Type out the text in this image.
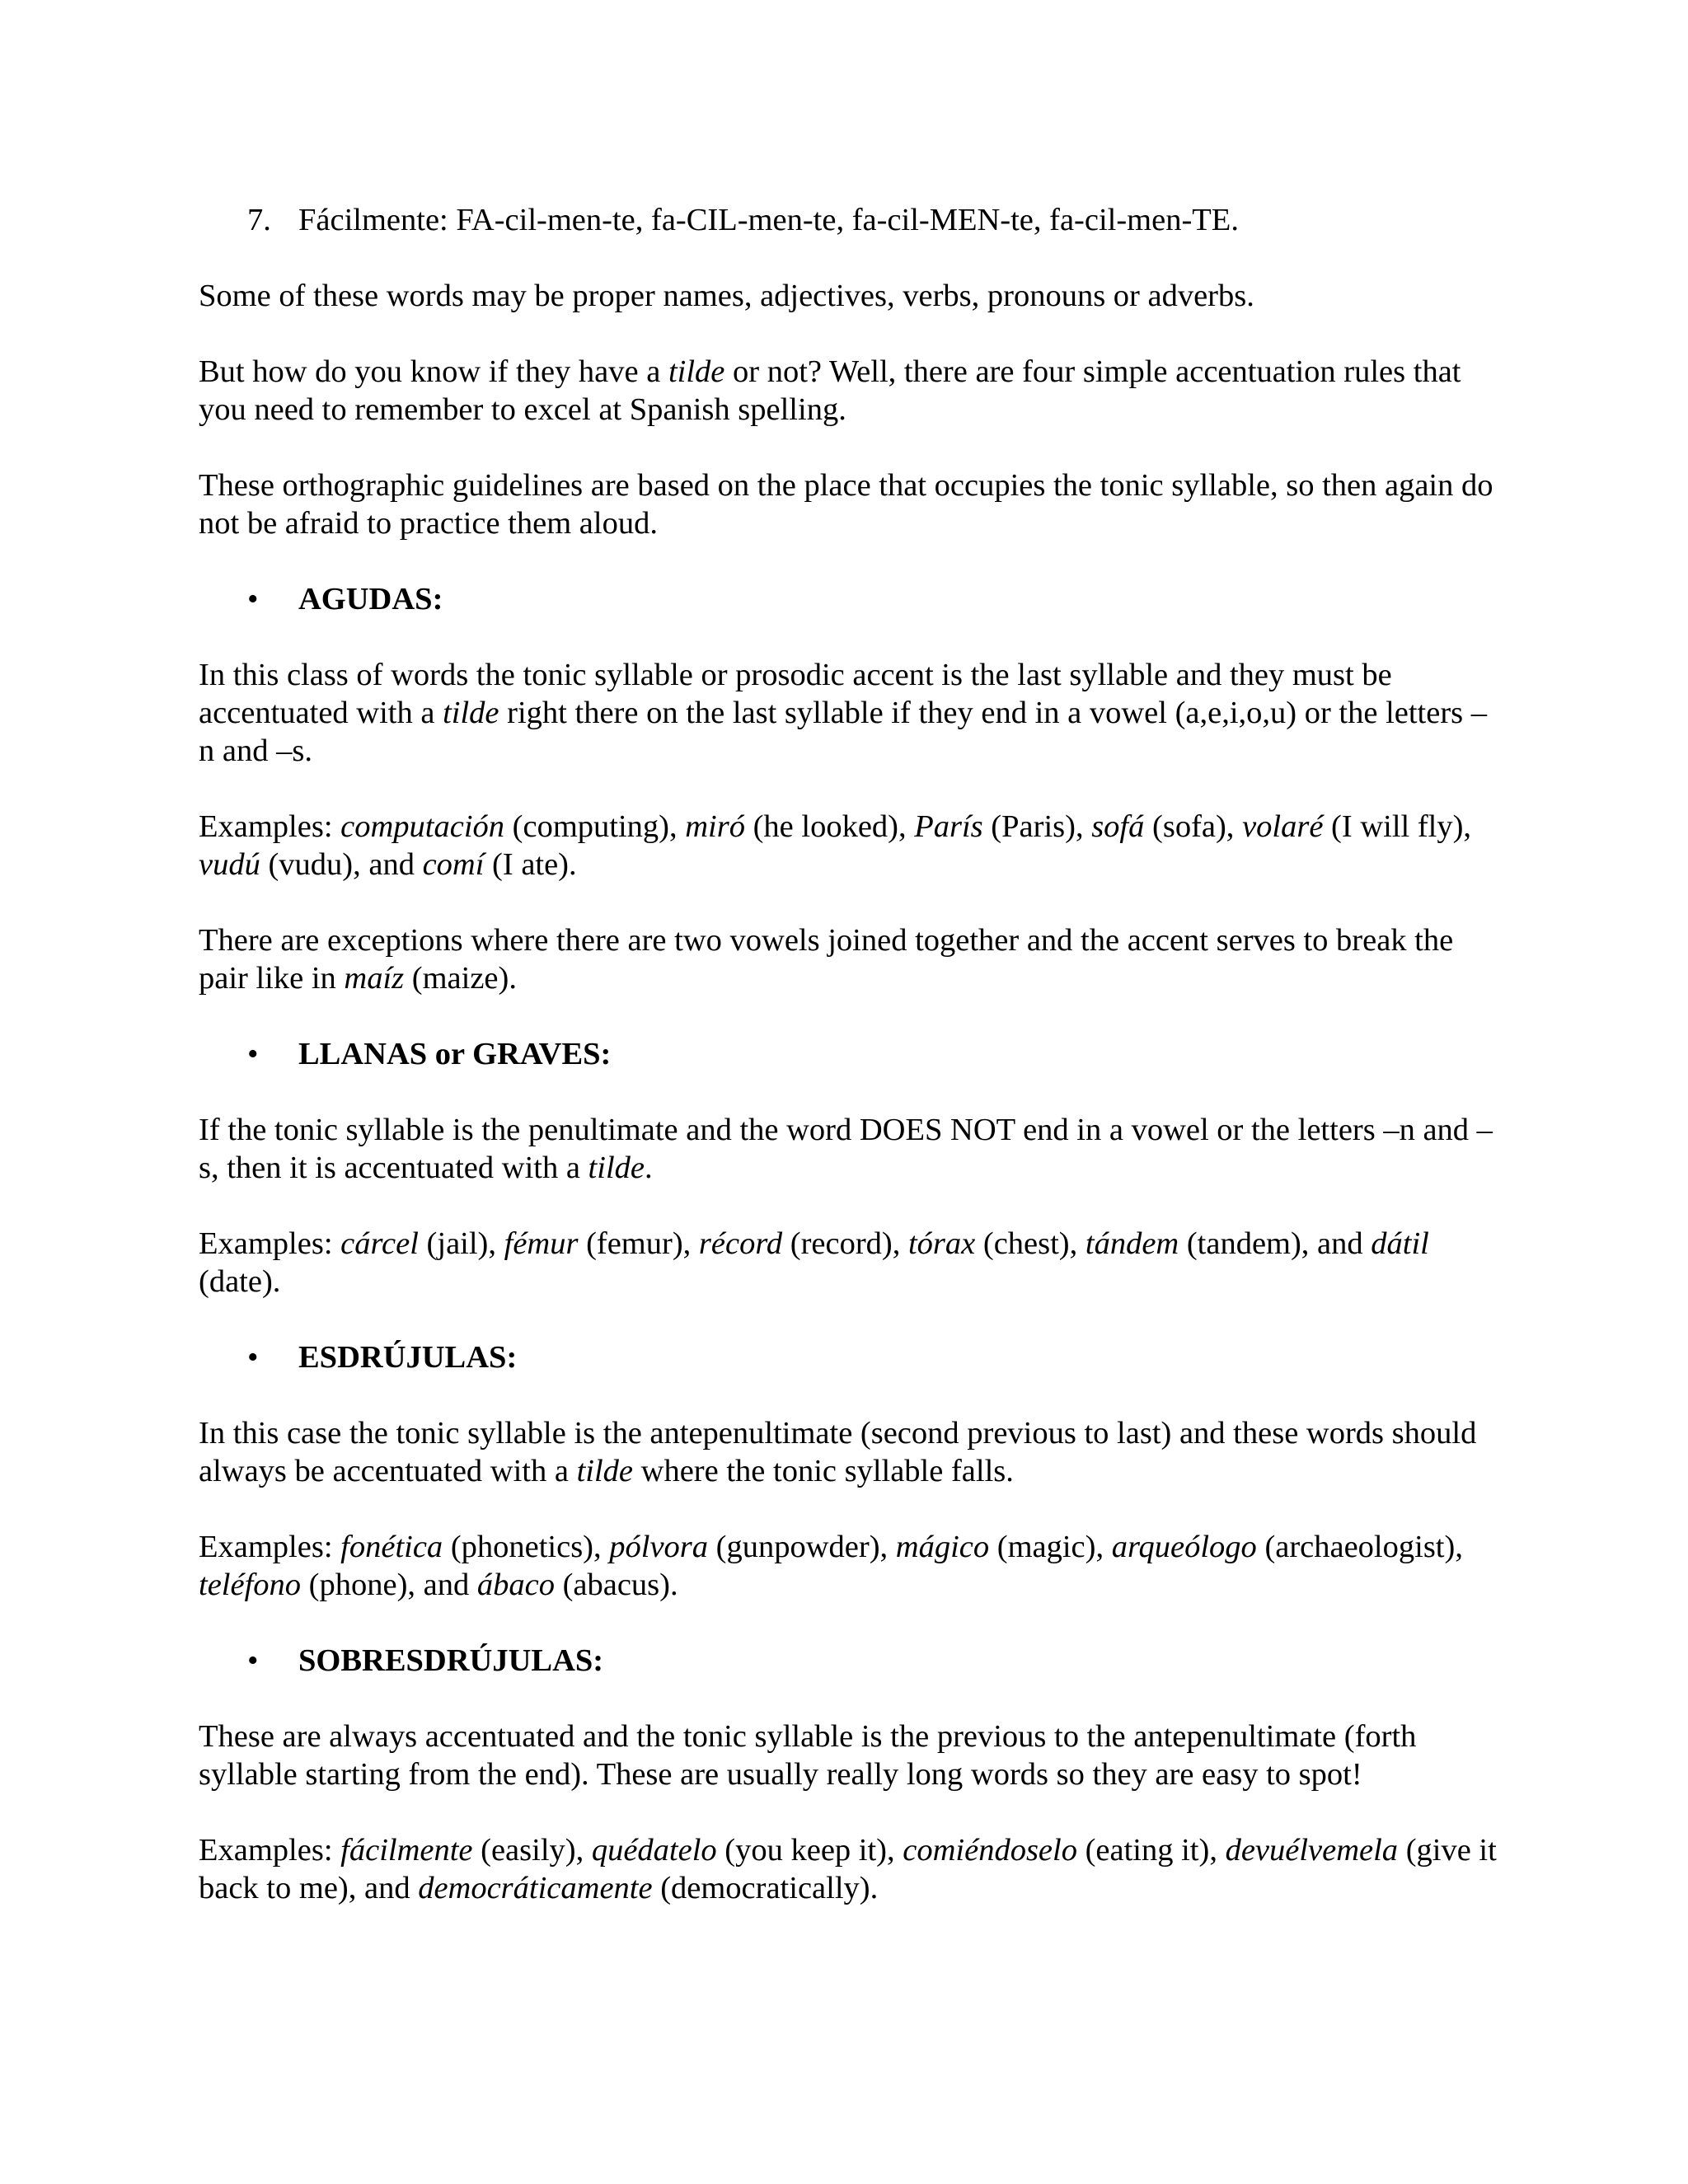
7. Fácilmente: FA-cil-men-te, fa-CIL-men-te, fa-cil-MEN-te, fa-cil-men-TE.

Some of these words may be proper names, adjectives, verbs, pronouns or adverbs.

But how do you know if they have a tilde or not? Well, there are four simple accentuation rules that you need to remember to excel at Spanish spelling.

These orthographic guidelines are based on the place that occupies the tonic syllable, so then again do not be afraid to practice them aloud.

• AGUDAS:

In this class of words the tonic syllable or prosodic accent is the last syllable and they must be accentuated with a tilde right there on the last syllable if they end in a vowel (a,e,i,o,u) or the letters –n and –s.

Examples: computación (computing), miró (he looked), París (Paris), sofá (sofa), volaré (I will fly), vudú (vudu), and comí (I ate).

There are exceptions where there are two vowels joined together and the accent serves to break the pair like in maíz (maize).

• LLANAS or GRAVES:

If the tonic syllable is the penultimate and the word DOES NOT end in a vowel or the letters –n and –s, then it is accentuated with a tilde.

Examples: cárcel (jail), fémur (femur), récord (record), tórax (chest), tándem (tandem), and dátil (date).

• ESDRÚJULAS:

In this case the tonic syllable is the antepenultimate (second previous to last) and these words should always be accentuated with a tilde where the tonic syllable falls.

Examples: fonética (phonetics), pólvora (gunpowder), mágico (magic), arqueólogo (archaeologist), teléfono (phone), and ábaco (abacus).

• SOBRESDRÚJULAS:

These are always accentuated and the tonic syllable is the previous to the antepenultimate (forth syllable starting from the end). These are usually really long words so they are easy to spot!

Examples: fácilmente (easily), quédatelo (you keep it), comiéndoselo (eating it), devuélvemela (give it back to me), and democráticamente (democratically).
